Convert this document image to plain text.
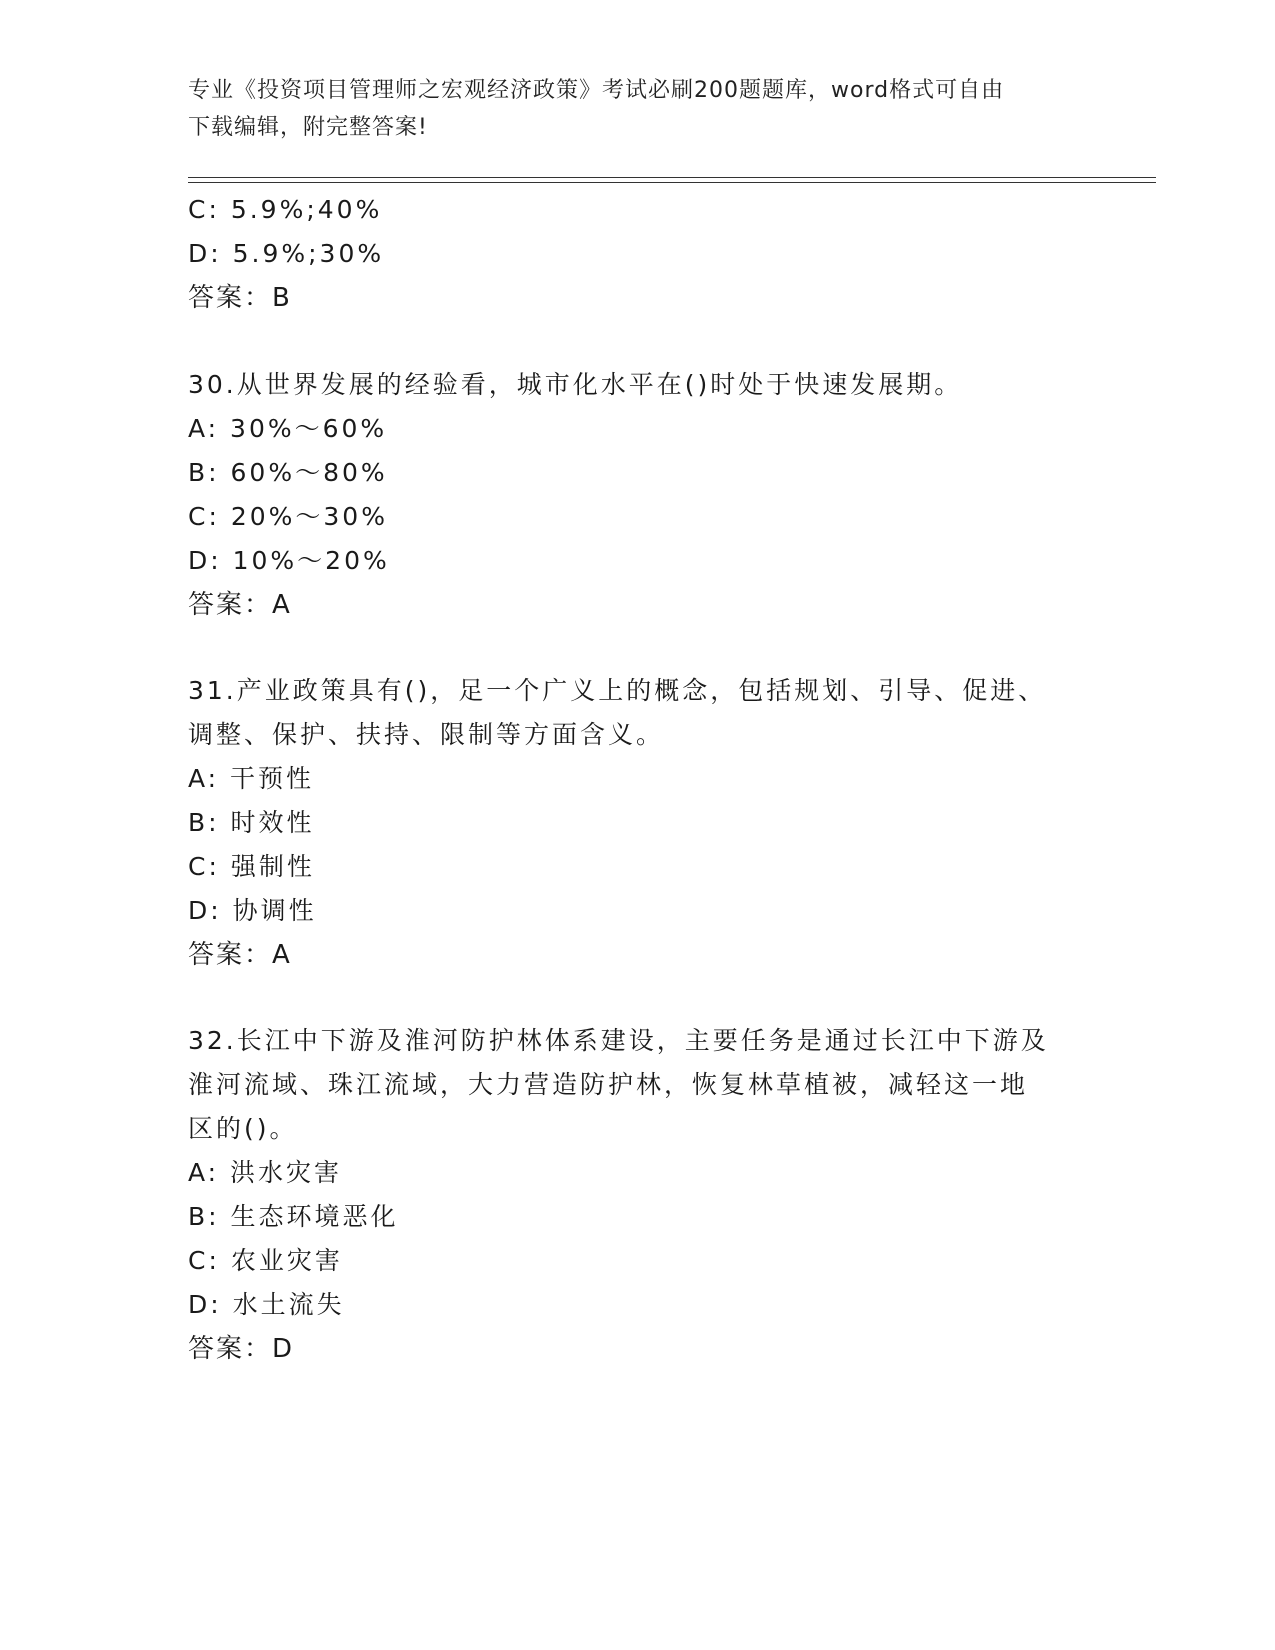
专业《投资项目管理师之宏观经济政策》考试必刷200题题库，word格式可自由
下载编辑，附完整答案!
C: 5.9%;40%
D: 5.9%;30%
答案：B
30.从世界发展的经验看，城市化水平在()时处于快速发展期。
A: 30%～60%
B: 60%～80%
C: 20%～30%
D: 10%～20%
答案：A
31.产业政策具有()，足一个广义上的概念，包括规划、引导、促进、
调整、保护、扶持、限制等方面含义。
A: 干预性
B: 时效性
C: 强制性
D: 协调性
答案：A
32.长江中下游及淮河防护林体系建设，主要任务是通过长江中下游及
淮河流域、珠江流域，大力营造防护林，恢复林草植被，减轻这一地
区的()。
A: 洪水灾害
B: 生态环境恶化
C: 农业灾害
D: 水土流失
答案：D
